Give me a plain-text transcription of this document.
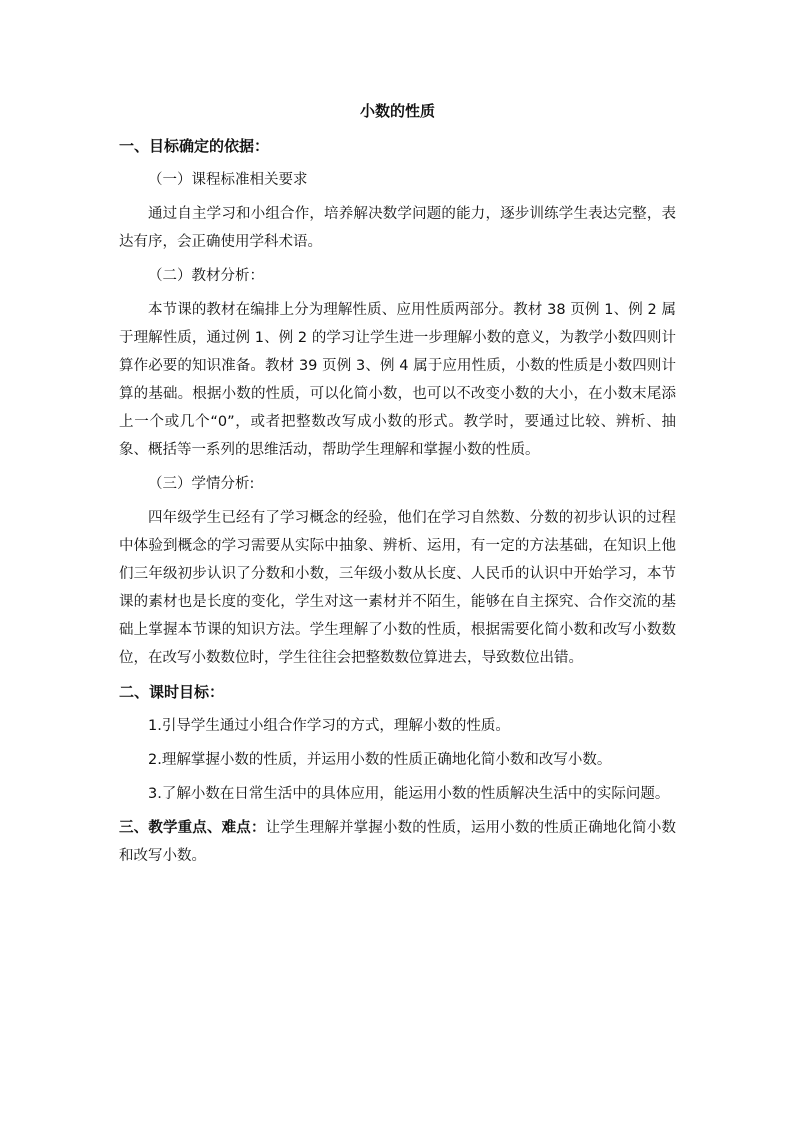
小数的性质
一、目标确定的依据：
（一）课程标准相关要求
通过自主学习和小组合作，培养解决数学问题的能力，逐步训练学生表达完整，表达有序，会正确使用学科术语。
（二）教材分析：
本节课的教材在编排上分为理解性质、应用性质两部分。教材 38 页例 1、例 2 属于理解性质，通过例 1、例 2 的学习让学生进一步理解小数的意义，为教学小数四则计算作必要的知识准备。教材 39 页例 3、例 4 属于应用性质，小数的性质是小数四则计算的基础。根据小数的性质，可以化简小数，也可以不改变小数的大小，在小数末尾添上一个或几个“0”，或者把整数改写成小数的形式。教学时，要通过比较、辨析、抽象、概括等一系列的思维活动，帮助学生理解和掌握小数的性质。
（三）学情分析:
四年级学生已经有了学习概念的经验，他们在学习自然数、分数的初步认识的过程中体验到概念的学习需要从实际中抽象、辨析、运用，有一定的方法基础，在知识上他们三年级初步认识了分数和小数，三年级小数从长度、人民币的认识中开始学习，本节课的素材也是长度的变化，学生对这一素材并不陌生，能够在自主探究、合作交流的基础上掌握本节课的知识方法。学生理解了小数的性质，根据需要化简小数和改写小数数位，在改写小数数位时，学生往往会把整数数位算进去，导致数位出错。
二、课时目标：
1.引导学生通过小组合作学习的方式，理解小数的性质。
2.理解掌握小数的性质，并运用小数的性质正确地化简小数和改写小数。
3.了解小数在日常生活中的具体应用，能运用小数的性质解决生活中的实际问题。
三、教学重点、难点：让学生理解并掌握小数的性质，运用小数的性质正确地化简小数和改写小数。
